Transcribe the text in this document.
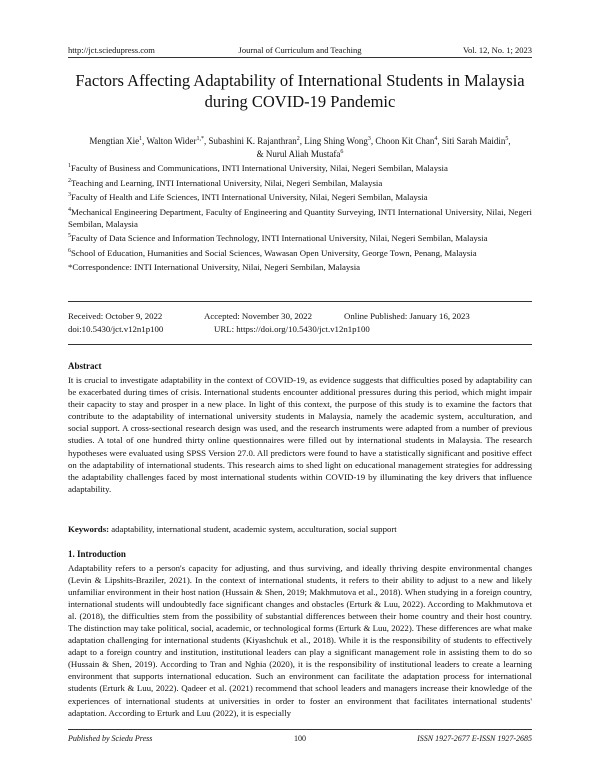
http://jct.sciedupress.com	Journal of Curriculum and Teaching	Vol. 12, No. 1; 2023
Factors Affecting Adaptability of International Students in Malaysia
during COVID-19 Pandemic
Mengtian Xie$^1$, Walton Wider$^{1,*}$, Subashini K. Rajanthran$^2$, Ling Shing Wong$^3$, Choon Kit Chan$^4$, Siti Sarah Maidin$^5$,
& Nurul Aliah Mustafa$^6$

$^1$Faculty of Business and Communications, INTI International University, Nilai, Negeri Sembilan, Malaysia

$^2$Teaching and Learning, INTI International University, Nilai, Negeri Sembilan, Malaysia

$^3$Faculty of Health and Life Sciences, INTI International University, Nilai, Negeri Sembilan, Malaysia

$^4$Mechanical Engineering Department, Faculty of Engineering and Quantity Surveying, INTI International University, Nilai, Negeri Sembilan, Malaysia

$^5$Faculty of Data Science and Information Technology, INTI International University, Nilai, Negeri Sembilan, Malaysia

$^6$School of Education, Humanities and Social Sciences, Wawasan Open University, George Town, Penang, Malaysia

*Correspondence: INTI International University, Nilai, Negeri Sembilan, Malaysia

Received: October 9, 2022	Accepted: November 30, 2022	Online Published: January 16, 2023
doi:10.5430/jct.v12n1p100	URL: https://doi.org/10.5430/jct.v12n1p100
Abstract

It is crucial to investigate adaptability in the context of COVID-19, as evidence suggests that difficulties posed by adaptability can be exacerbated during times of crisis. International students encounter additional pressures during this period, which might impair their capacity to stay and prosper in a new place. In light of this context, the purpose of this study is to examine the factors that contribute to the adaptability of international university students in Malaysia, namely the academic system, acculturation, and social support. A cross-sectional research design was used, and the research instruments were adapted from a number of previous studies. A total of one hundred thirty online questionnaires were filled out by international students in Malaysia. The research hypotheses were evaluated using SPSS Version 27.0. All predictors were found to have a statistically significant and positive effect on the adaptability of international students. This research aims to shed light on educational management strategies for addressing the adaptability challenges faced by most international students within COVID-19 by illuminating the key drivers that influence adaptability.

Keywords: adaptability, international student, academic system, acculturation, social support
1. Introduction

Adaptability refers to a person's capacity for adjusting, and thus surviving, and ideally thriving despite environmental changes (Levin & Lipshits-Braziler, 2021). In the context of international students, it refers to their ability to adjust to a new and likely unfamiliar environment in their host nation (Hussain & Shen, 2019; Makhmutova et al., 2018). When studying in a foreign country, international students will undoubtedly face significant changes and obstacles (Erturk & Luu, 2022). According to Makhmutova et al. (2018), the difficulties stem from the possibility of substantial differences between their home country and their host country. The distinction may take political, social, academic, or technological forms (Erturk & Luu, 2022). These differences are what make adaptation challenging for international students (Kiyashchuk et al., 2018). While it is the responsibility of students to effectively adapt to a foreign country and institution, institutional leaders can play a significant management role in assisting them to do so (Hussain & Shen, 2019). According to Tran and Nghia (2020), it is the responsibility of institutional leaders to create a learning environment that supports international education. Such an environment can facilitate the adaptation process for international students (Erturk & Luu, 2022). Qadeer et al. (2021) recommend that school leaders and managers increase their knowledge of the experiences of international students at universities in order to foster an environment that facilitates international students' adaptation. According to Erturk and Luu (2022), it is especially

Published by Sciedu Press	100	ISSN 1927-2677 E-ISSN 1927-2685
